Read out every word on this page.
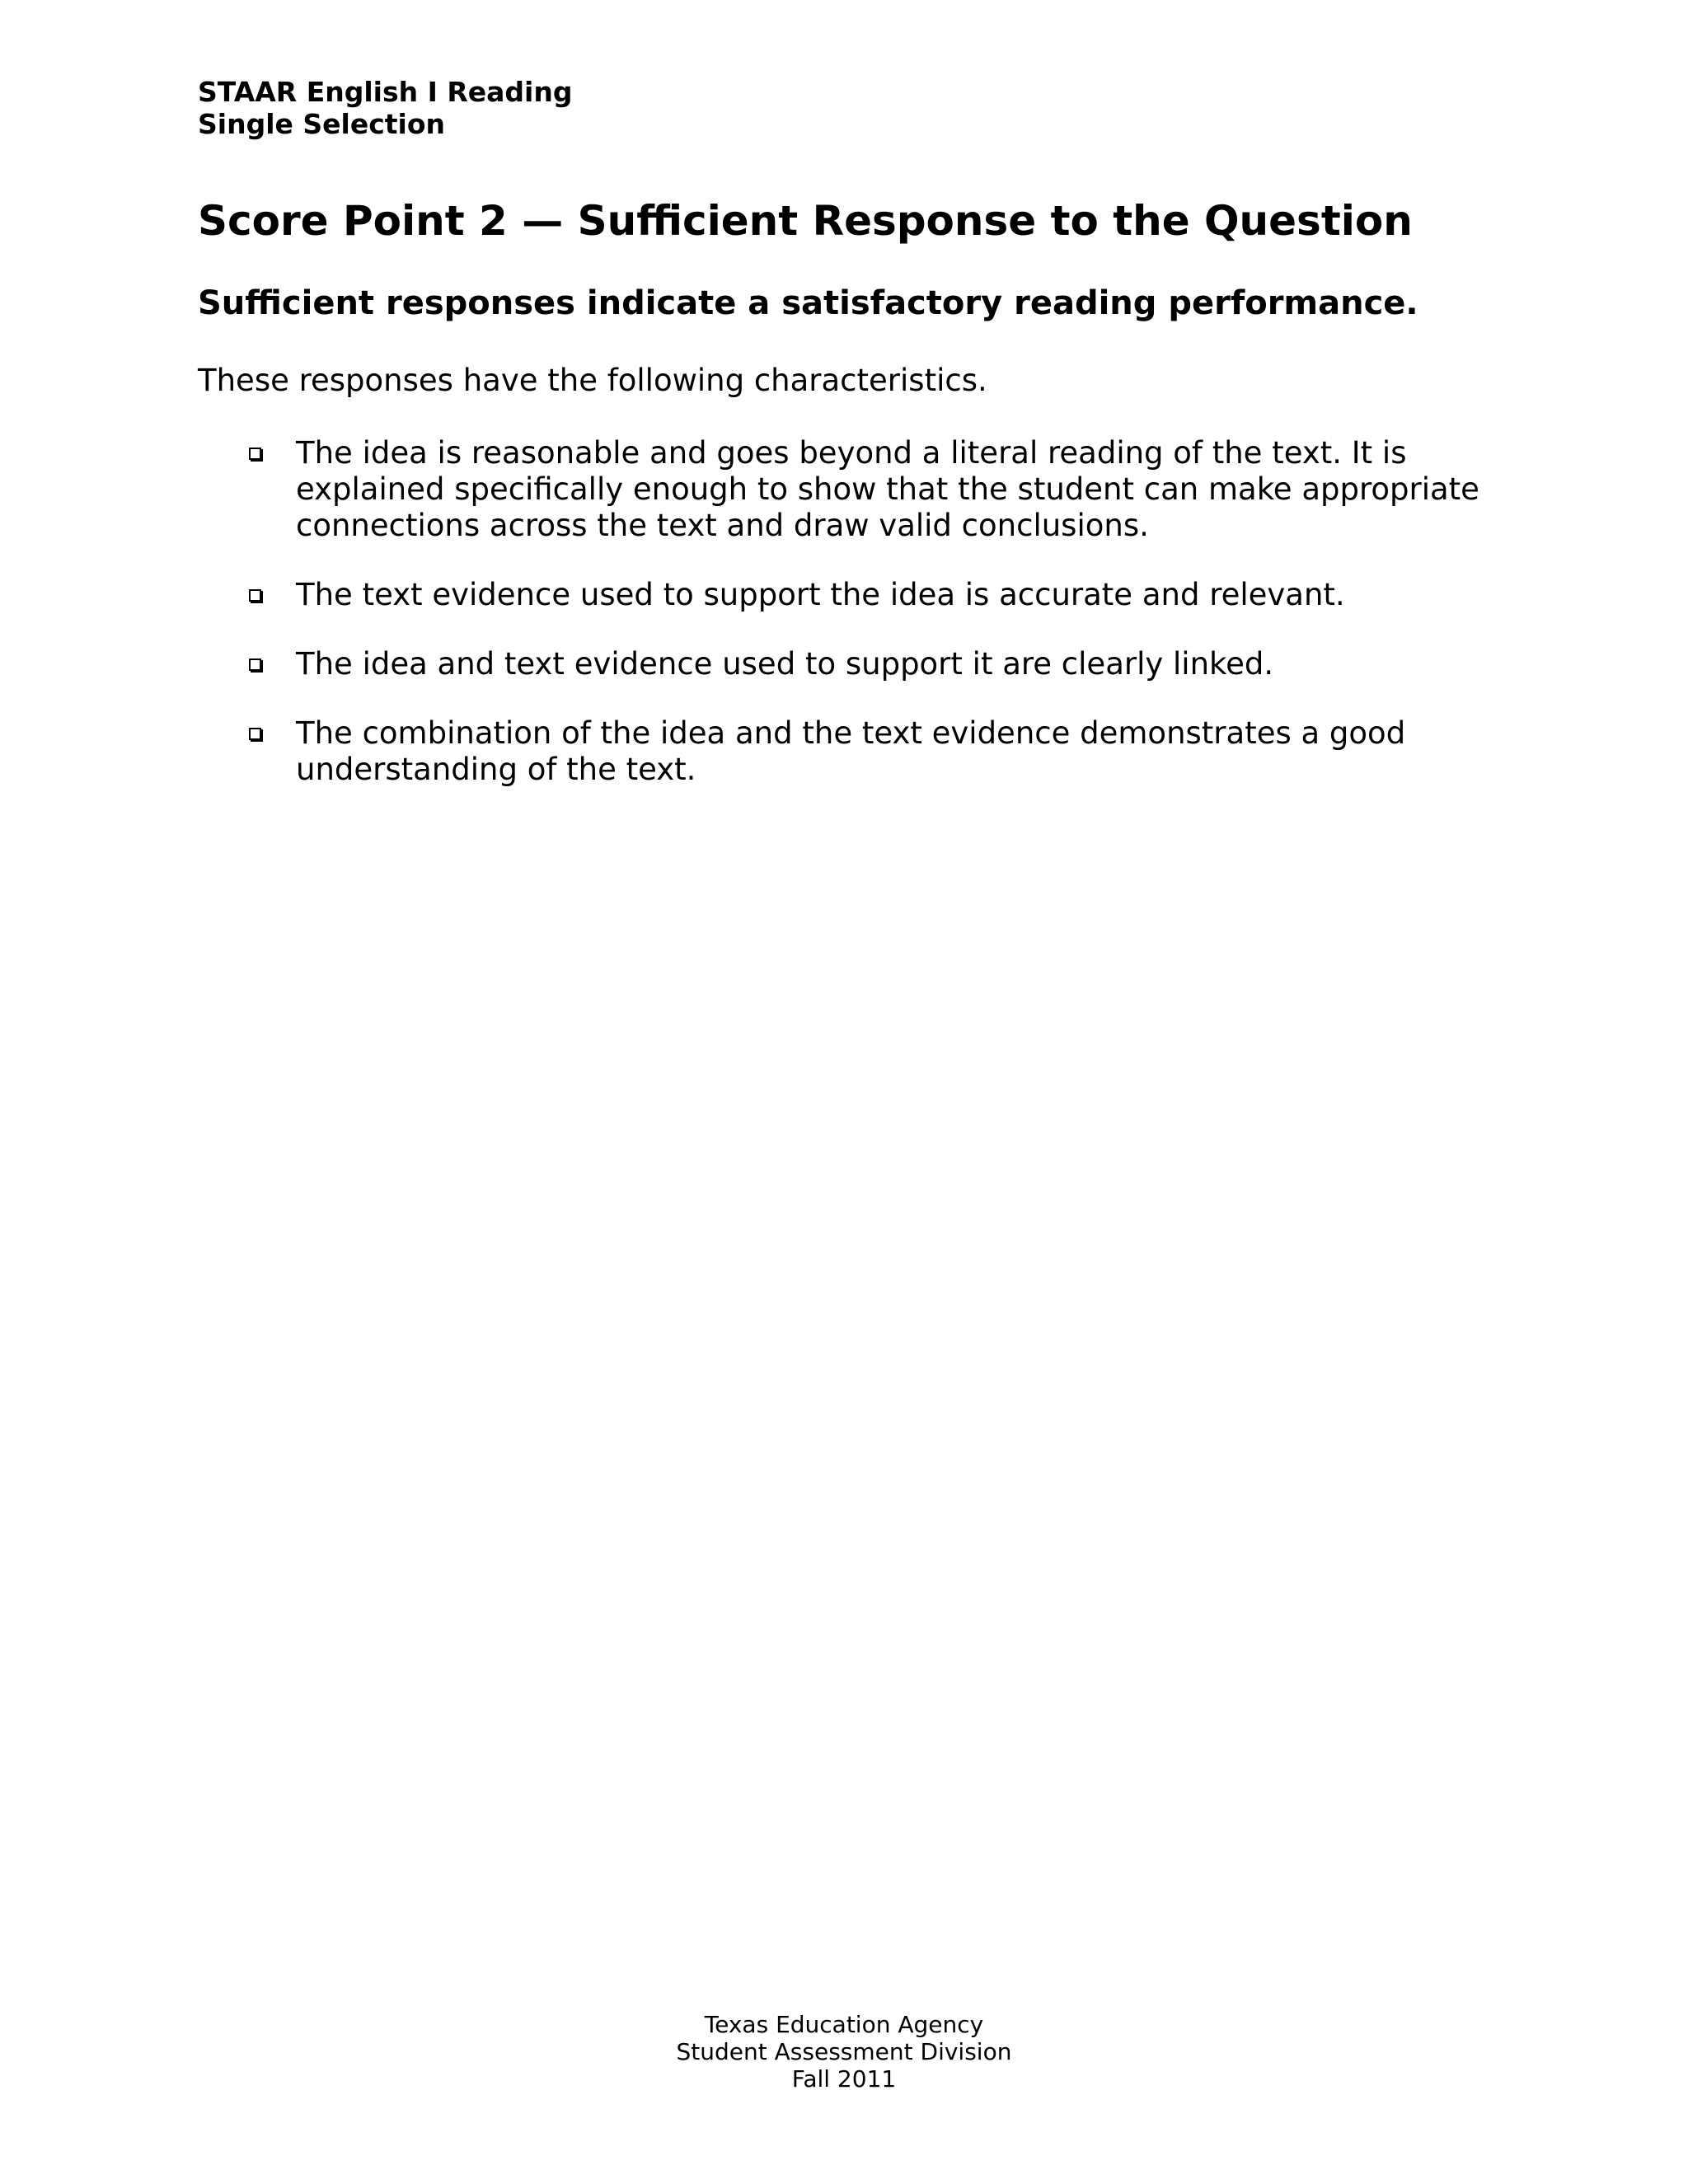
STAAR English I Reading
Single Selection
Score Point 2 — Sufficient Response to the Question
Sufficient responses indicate a satisfactory reading performance.

These responses have the following characteristics.

The idea is reasonable and goes beyond a literal reading of the text. It is explained specifically enough to show that the student can make appropriate connections across the text and draw valid conclusions.
The text evidence used to support the idea is accurate and relevant.
The idea and text evidence used to support it are clearly linked.
The combination of the idea and the text evidence demonstrates a good understanding of the text.
Texas Education Agency
Student Assessment Division
Fall 2011
